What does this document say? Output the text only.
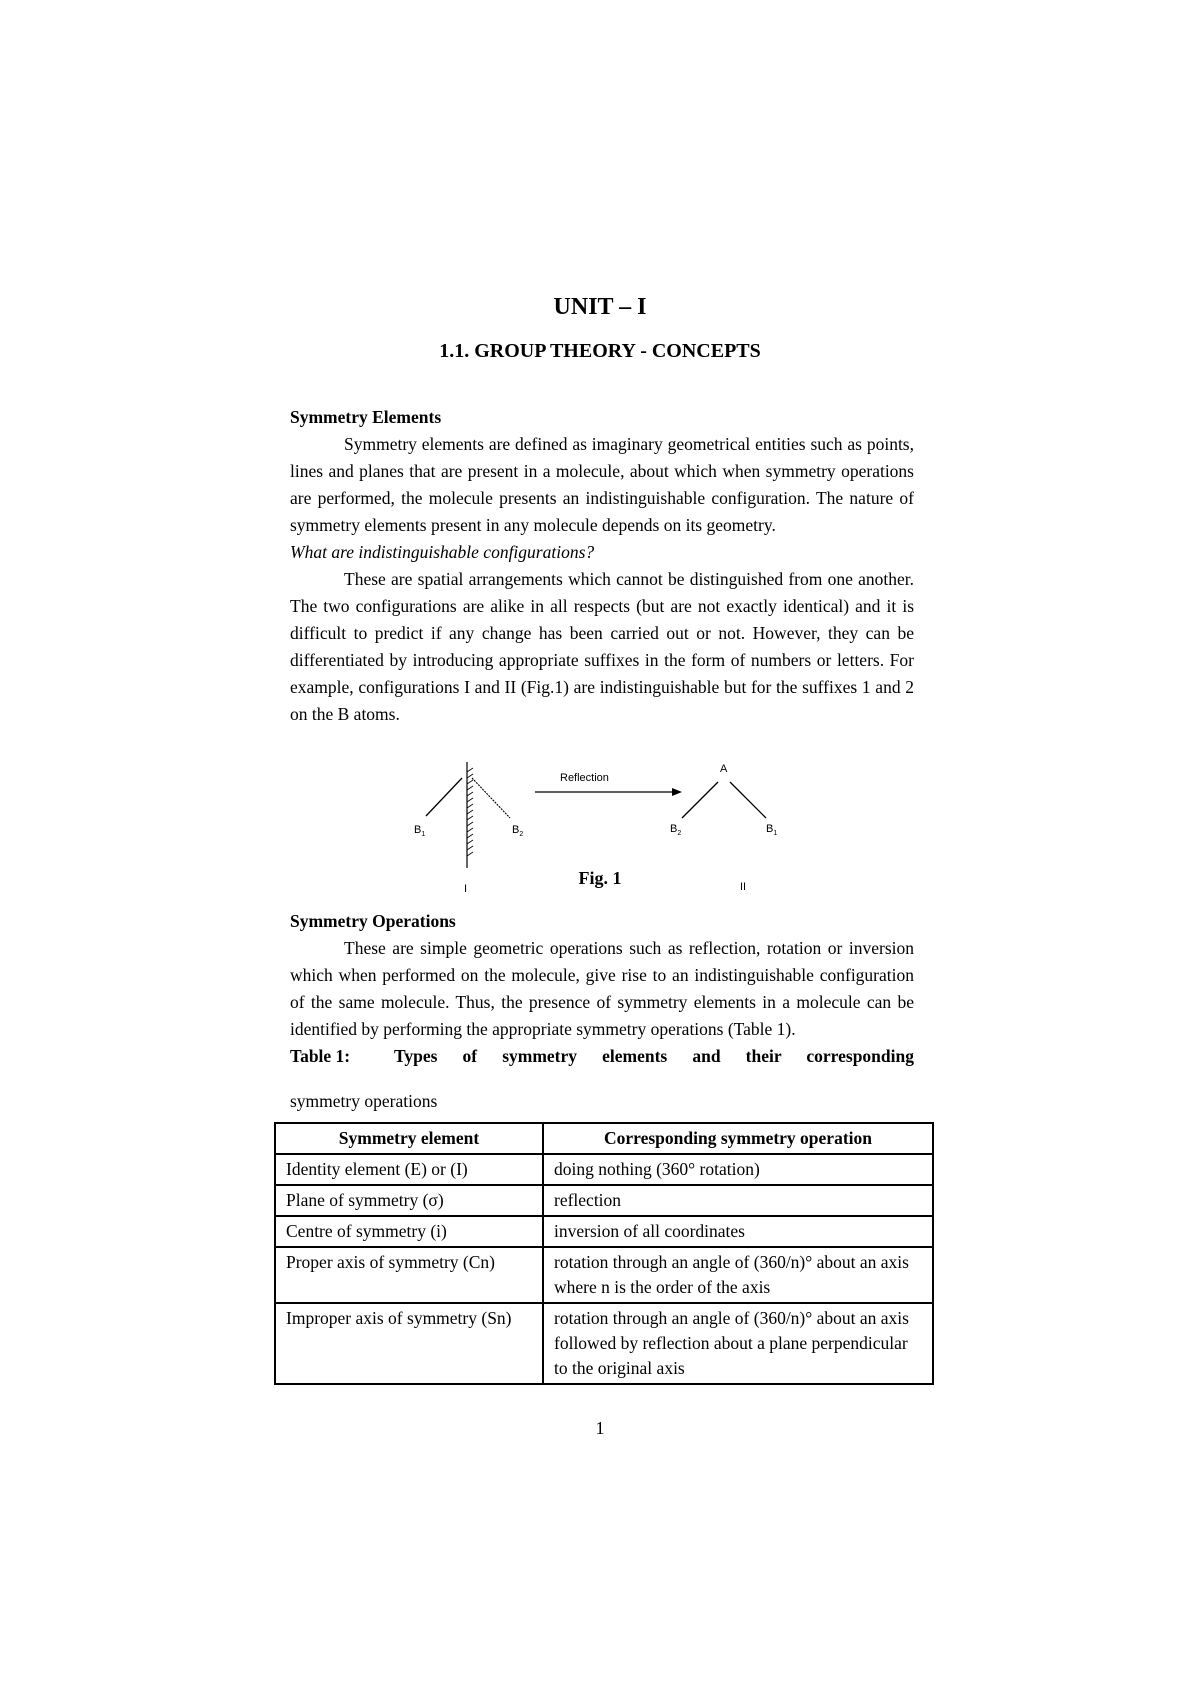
UNIT – I
1.1. GROUP THEORY - CONCEPTS

Symmetry Elements

Symmetry elements are defined as imaginary geometrical entities such as points, lines and planes that are present in a molecule, about which when symmetry operations are performed, the molecule presents an indistinguishable configuration. The nature of symmetry elements present in any molecule depends on its geometry.

What are indistinguishable configurations?

These are spatial arrangements which cannot be distinguished from one another. The two configurations are alike in all respects (but are not exactly identical) and it is difficult to predict if any change has been carried out or not. However, they can be differentiated by introducing appropriate suffixes in the form of numbers or letters. For example, configurations I and II (Fig.1) are indistinguishable but for the suffixes 1 and 2 on the B atoms.

$B_1$	$B_2$
I
Reflection
A
$B_2$	$B_1$
II

Fig. 1

Symmetry Operations

These are simple geometric operations such as reflection, rotation or inversion which when performed on the molecule, give rise to an indistinguishable configuration of the same molecule. Thus, the presence of symmetry elements in a molecule can be identified by performing the appropriate symmetry operations (Table 1).

Table 1:	Types of symmetry elements and their corresponding

symmetry operations

Symmetry element	Corresponding symmetry operation
Identity element (E) or (I)	doing nothing (360° rotation)
Plane of symmetry (σ)	reflection
Centre of symmetry (i)	inversion of all coordinates
Proper axis of symmetry (Cn)	rotation through an angle of (360/n)° about an axis where n is the order of the axis
Improper axis of symmetry (Sn)	rotation through an angle of (360/n)° about an axis followed by reflection about a plane perpendicular to the original axis

1
